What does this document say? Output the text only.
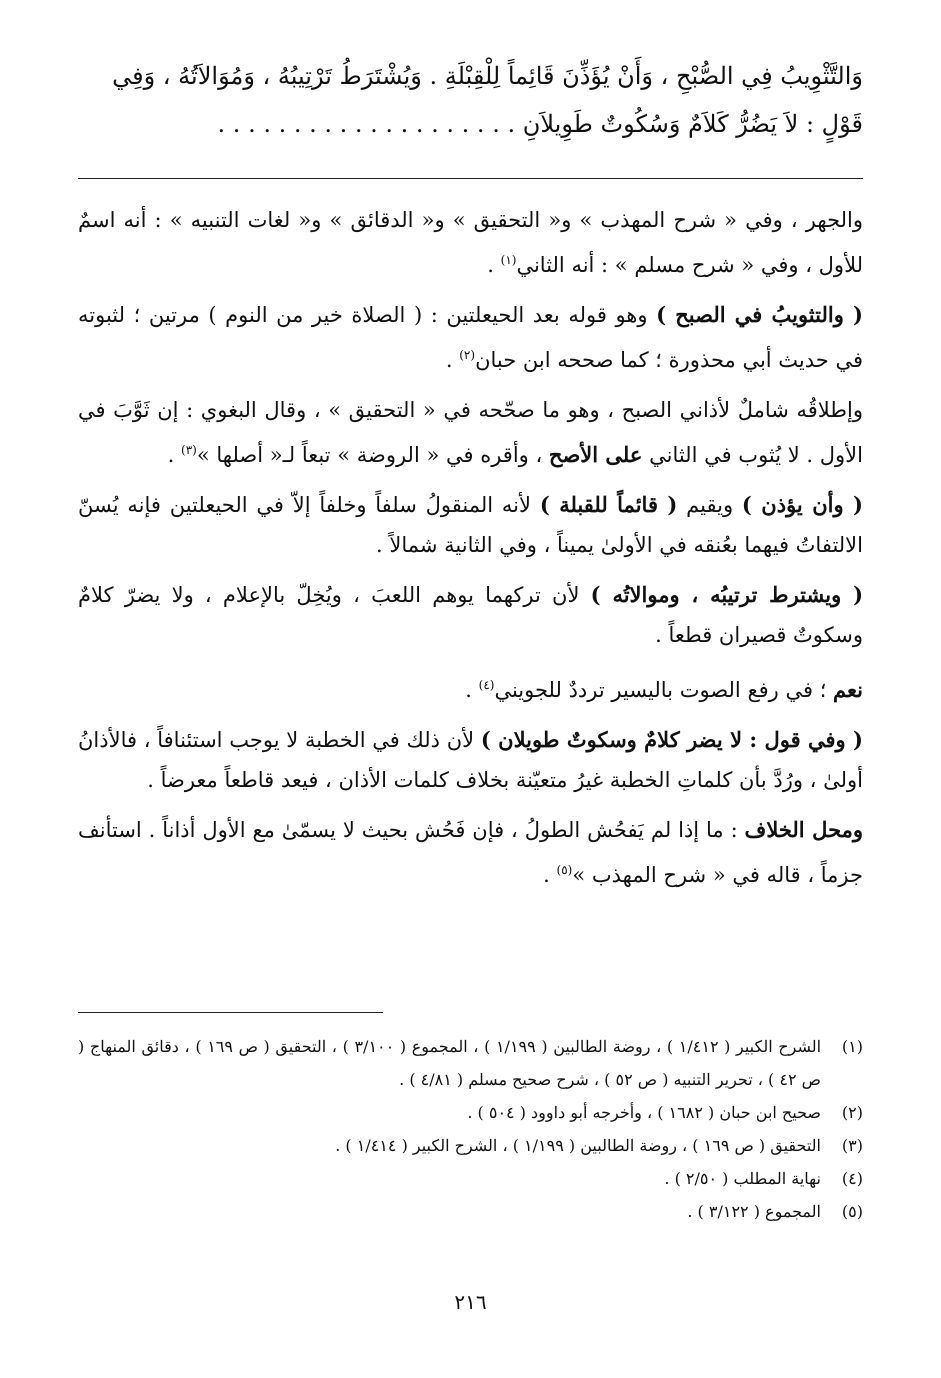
وَالتَّثْوِيبُ فِي الصُّبْحِ ، وَأَنْ يُؤَذِّنَ قَائِماً لِلْقِبْلَةِ . وَيُشْتَرَطُ تَرْتِيبُهُ ، وَمُوَالاَتُهُ ، وَفِي
قَوْلٍ : لاَ يَضُرُّ كَلاَمٌ وَسُكُوتٌ طَوِيلاَنِ . . . . . . . . . . . . . . . . . . . .

والجهر ، وفي « شرح المهذب » و« التحقيق » و« الدقائق » و« لغات التنبيه » : أنه اسمٌ للأول ، وفي « شرح مسلم » : أنه الثاني$^{(١)}$ .

( والتثويبُ في الصبح ) وهو قوله بعد الحيعلتين : ( الصلاة خير من النوم ) مرتين ؛ لثبوته في حديث أبي محذورة ؛ كما صححه ابن حبان$^{(٢)}$ .

وإطلاقُه شاملٌ لأذاني الصبح ، وهو ما صحّحه في « التحقيق » ، وقال البغوي : إن ثَوَّبَ في الأول . لا يُثوب في الثاني على الأصح ، وأقره في « الروضة » تبعاً لـ« أصلها »$^{(٣)}$ .

( وأن يؤذن ) ويقيم ( قائماً للقبلة ) لأنه المنقولُ سلفاً وخلفاً إلاّ في الحيعلتين فإنه يُسنّ الالتفاتُ فيهما بعُنقه في الأولىٰ يميناً ، وفي الثانية شمالاً .

( ويشترط ترتيبُه ، وموالاتُه ) لأن تركهما يوهم اللعبَ ، ويُخِلّ بالإعلام ، ولا يضرّ كلامٌ وسكوتٌ قصيران قطعاً .

نعم ؛ في رفع الصوت باليسير ترددٌ للجويني$^{(٤)}$ .

( وفي قول : لا يضر كلامٌ وسكوتٌ طويلان ) لأن ذلك في الخطبة لا يوجب استئنافاً ، فالأذانُ أولىٰ ، ورُدَّ بأن كلماتِ الخطبة غيرُ متعيّنة بخلاف كلمات الأذان ، فيعد قاطعاً معرضاً .

ومحل الخلاف : ما إذا لم يَفحُش الطولُ ، فإن فَحُش بحيث لا يسمّىٰ مع الأول أذاناً . استأنف جزماً ، قاله في « شرح المهذب »$^{(٥)}$ .

(١)
الشرح الكبير ( ١/٤١٢ ) ، روضة الطالبين ( ١/١٩٩ ) ، المجموع ( ٣/١٠٠ ) ، التحقيق ( ص ١٦٩ ) ، دقائق المنهاج ( ص ٤٢ ) ، تحرير التنبيه ( ص ٥٢ ) ، شرح صحيح مسلم ( ٤/٨١ ) .
(٢)
صحيح ابن حبان ( ١٦٨٢ ) ، وأخرجه أبو داوود ( ٥٠٤ ) .
(٣)
التحقيق ( ص ١٦٩ ) ، روضة الطالبين ( ١/١٩٩ ) ، الشرح الكبير ( ١/٤١٤ ) .
(٤)
نهاية المطلب ( ٢/٥٠ ) .
(٥)
المجموع ( ٣/١٢٢ ) .
٢١٦
